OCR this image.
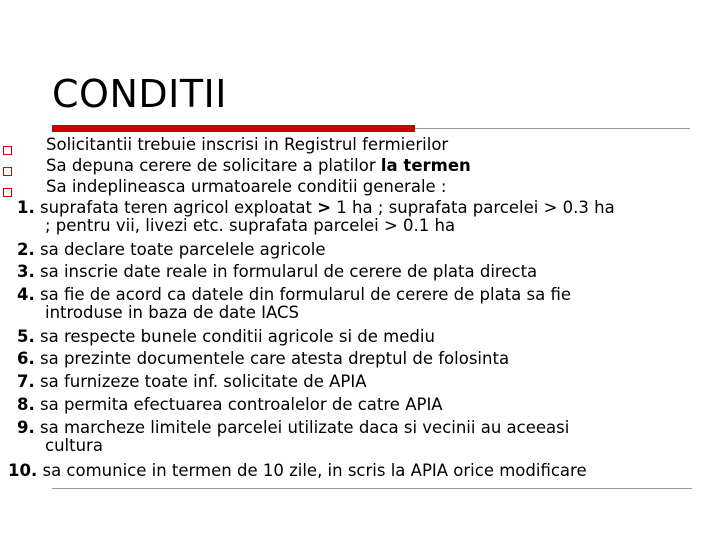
CONDITII
Solicitantii trebuie inscrisi in Registrul fermierilor
Sa depuna cerere de solicitare a platilor la termen
Sa indeplineasca urmatoarele conditii generale :
1. suprafata teren agricol exploatat > 1 ha ; suprafata parcelei > 0.3 ha
; pentru vii, livezi etc. suprafata parcelei > 0.1 ha
2. sa declare toate parcelele agricole
3. sa inscrie date reale in formularul de cerere de plata directa
4. sa fie de acord ca datele din formularul de cerere de plata sa fie
introduse in baza de date IACS
5. sa respecte bunele conditii agricole si de mediu
6. sa prezinte documentele care atesta dreptul de folosinta
7. sa furnizeze toate inf. solicitate de APIA
8. sa permita efectuarea controalelor de catre APIA
9. sa marcheze limitele parcelei utilizate daca si vecinii au aceeasi
cultura
10. sa comunice in termen de 10 zile, in scris la APIA orice modificare
